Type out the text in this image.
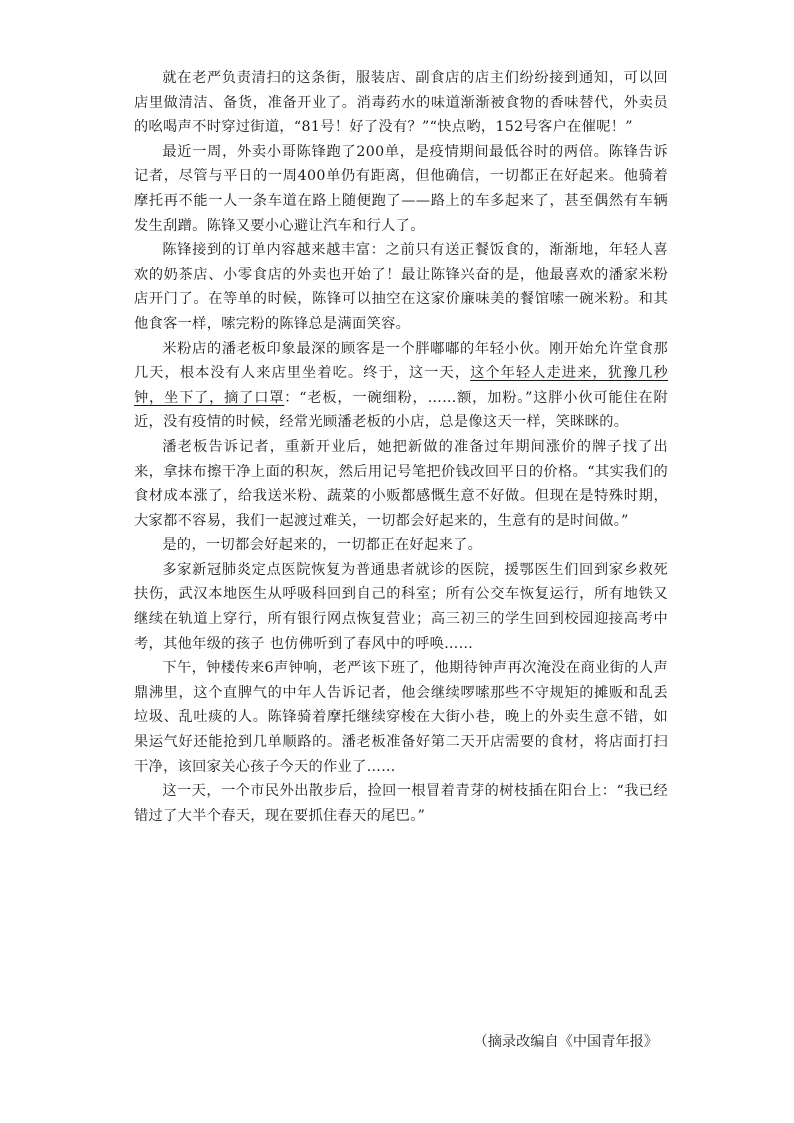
就在老严负责清扫的这条街，服装店、副食店的店主们纷纷接到通知，可以回店里做清洁、备货，准备开业了。消毒药水的味道渐渐被食物的香味替代，外卖员的吆喝声不时穿过街道，“81号！好了没有？”“快点哟，152号客户在催呢！”

最近一周，外卖小哥陈锋跑了200单，是疫情期间最低谷时的两倍。陈锋告诉记者，尽管与平日的一周400单仍有距离，但他确信，一切都正在好起来。他骑着摩托再不能一人一条车道在路上随便跑了——路上的车多起来了，甚至偶然有车辆发生刮蹭。陈锋又要小心避让汽车和行人了。

陈锋接到的订单内容越来越丰富：之前只有送正餐饭食的，渐渐地，年轻人喜欢的奶茶店、小零食店的外卖也开始了！最让陈锋兴奋的是，他最喜欢的潘家米粉店开门了。在等单的时候，陈锋可以抽空在这家价廉味美的餐馆嗦一碗米粉。和其他食客一样，嗦完粉的陈锋总是满面笑容。

米粉店的潘老板印象最深的顾客是一个胖嘟嘟的年轻小伙。刚开始允许堂食那几天，根本没有人来店里坐着吃。终于，这一天，这个年轻人走进来，犹豫几秒钟，坐下了，摘了口罩：“老板，一碗细粉，……额，加粉。”这胖小伙可能住在附近，没有疫情的时候，经常光顾潘老板的小店，总是像这天一样，笑眯眯的。

潘老板告诉记者，重新开业后，她把新做的准备过年期间涨价的牌子找了出来，拿抹布擦干净上面的积灰，然后用记号笔把价钱改回平日的价格。“其实我们的食材成本涨了，给我送米粉、蔬菜的小贩都感慨生意不好做。但现在是特殊时期，大家都不容易，我们一起渡过难关，一切都会好起来的，生意有的是时间做。”

是的，一切都会好起来的，一切都正在好起来了。

多家新冠肺炎定点医院恢复为普通患者就诊的医院，援鄂医生们回到家乡救死扶伤，武汉本地医生从呼吸科回到自己的科室；所有公交车恢复运行，所有地铁又继续在轨道上穿行，所有银行网点恢复营业；高三初三的学生回到校园迎接高考中考，其他年级的孩子 也仿佛听到了春风中的呼唤……

下午，钟楼传来6声钟响，老严该下班了，他期待钟声再次淹没在商业街的人声鼎沸里，这个直脾气的中年人告诉记者，他会继续啰嗦那些不守规矩的摊贩和乱丢垃圾、乱吐痰的人。陈锋骑着摩托继续穿梭在大街小巷，晚上的外卖生意不错，如果运气好还能抢到几单顺路的。潘老板准备好第二天开店需要的食材，将店面打扫干净，该回家关心孩子今天的作业了……

这一天，一个市民外出散步后，捡回一根冒着青芽的树枝插在阳台上：“我已经错过了大半个春天，现在要抓住春天的尾巴。”

（摘录改编自《中国青年报》
